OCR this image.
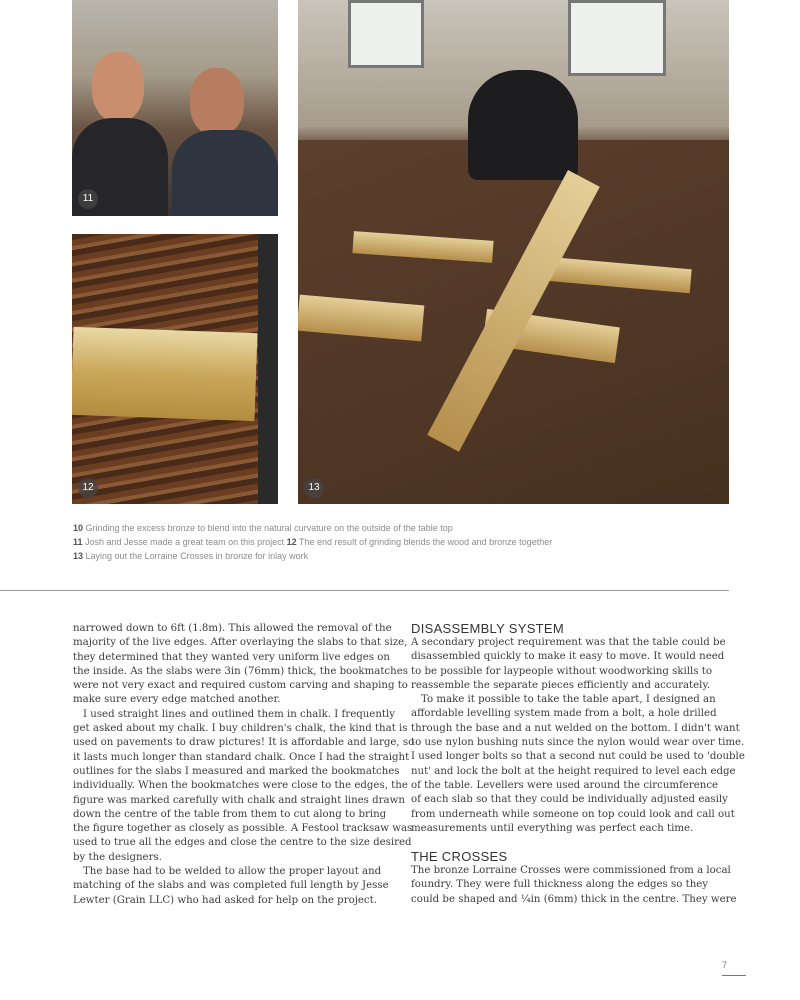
11
12	13
10 Grinding the excess bronze to blend into the natural curvature on the outside of the table top
11 Josh and Jesse made a great team on this project 12 The end result of grinding blends the wood and bronze together
13 Laying out the Lorraine Crosses in bronze for inlay work
narrowed down to 6ft (1.8m). This allowed the removal of the
majority of the live edges. After overlaying the slabs to that size,
they determined that they wanted very uniform live edges on
the inside. As the slabs were 3in (76mm) thick, the bookmatches
were not very exact and required custom carving and shaping to
make sure every edge matched another.
I used straight lines and outlined them in chalk. I frequently
get asked about my chalk. I buy children's chalk, the kind that is
used on pavements to draw pictures! It is affordable and large, so
it lasts much longer than standard chalk. Once I had the straight
outlines for the slabs I measured and marked the bookmatches
individually. When the bookmatches were close to the edges, the
figure was marked carefully with chalk and straight lines drawn
down the centre of the table from them to cut along to bring
the figure together as closely as possible. A Festool tracksaw was
used to true all the edges and close the centre to the size desired
by the designers.
The base had to be welded to allow the proper layout and
matching of the slabs and was completed full length by Jesse
Lewter (Grain LLC) who had asked for help on the project.
DISASSEMBLY SYSTEM
A secondary project requirement was that the table could be
disassembled quickly to make it easy to move. It would need
to be possible for laypeople without woodworking skills to
reassemble the separate pieces efficiently and accurately.
To make it possible to take the table apart, I designed an
affordable levelling system made from a bolt, a hole drilled
through the base and a nut welded on the bottom. I didn't want
to use nylon bushing nuts since the nylon would wear over time.
I used longer bolts so that a second nut could be used to 'double
nut' and lock the bolt at the height required to level each edge
of the table. Levellers were used around the circumference
of each slab so that they could be individually adjusted easily
from underneath while someone on top could look and call out
measurements until everything was perfect each time.
THE CROSSES
The bronze Lorraine Crosses were commissioned from a local
foundry. They were full thickness along the edges so they
could be shaped and ¼in (6mm) thick in the centre. They were
7
